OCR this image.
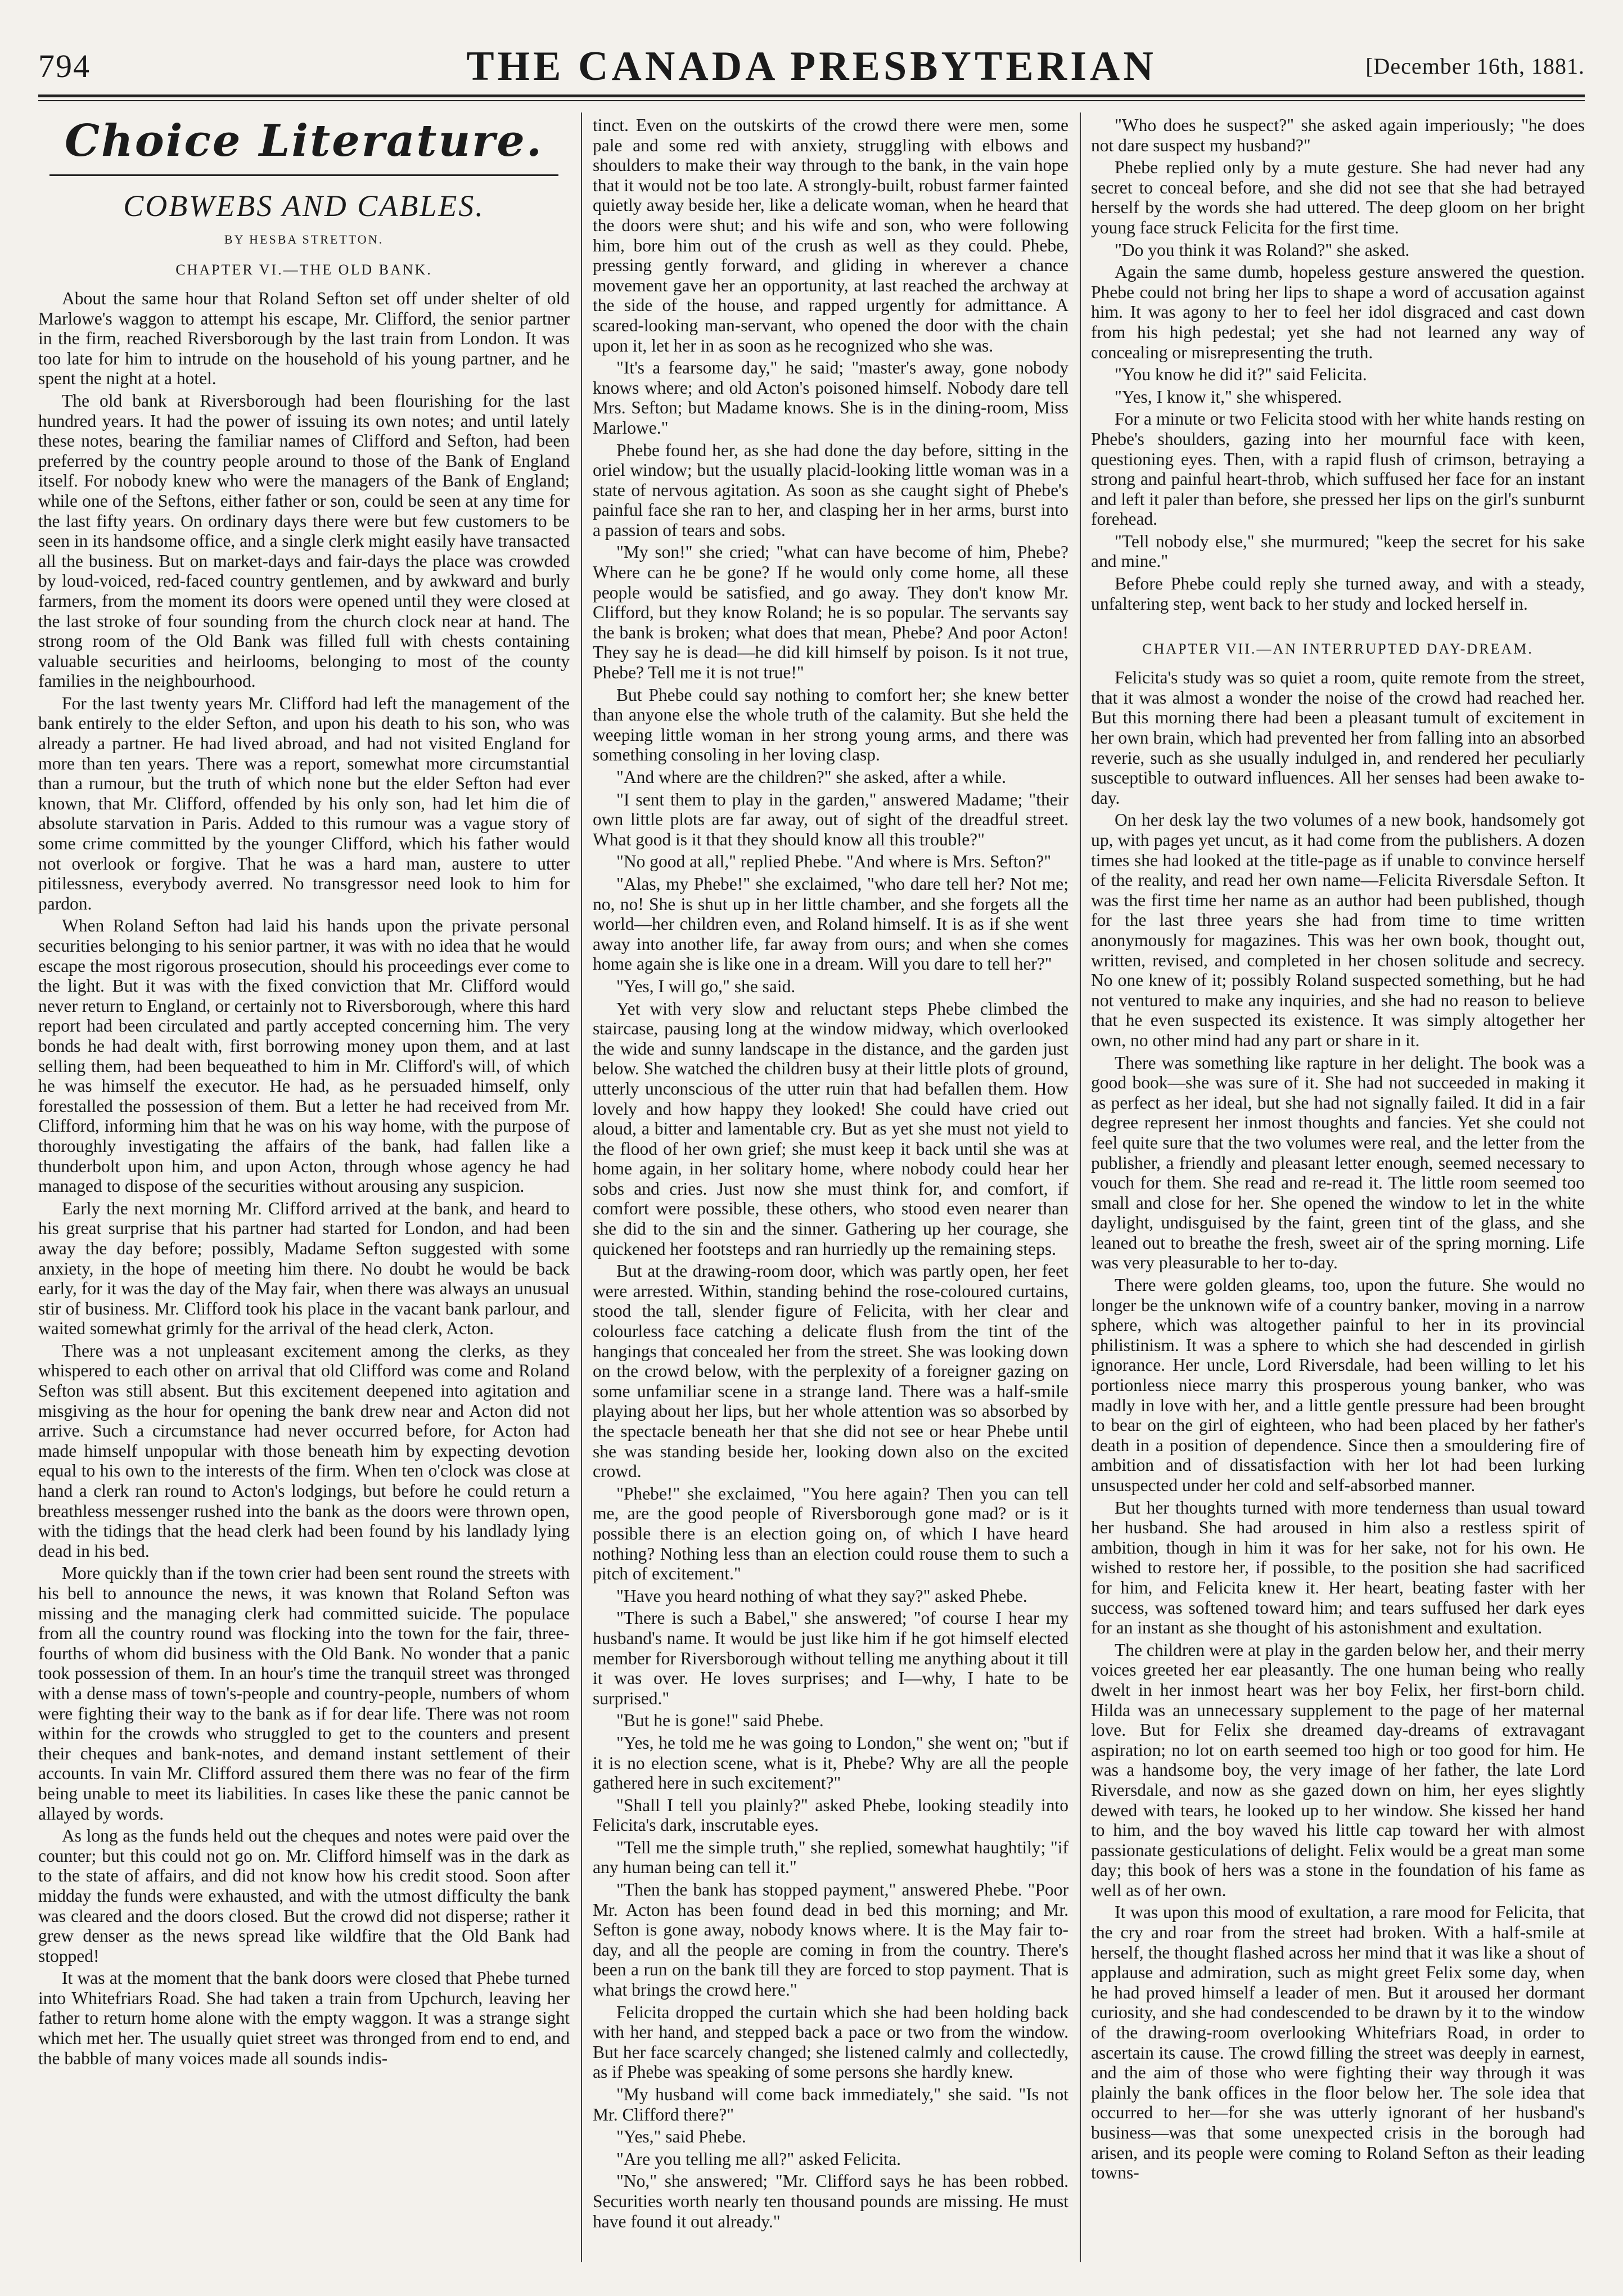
794	THE CANADA PRESBYTERIAN	[December 16th, 1881.
Choice Literature.
COBWEBS AND CABLES.
BY HESBA STRETTON.
CHAPTER VI.—THE OLD BANK.

About the same hour that Roland Sefton set off under shelter of old Marlowe's waggon to attempt his escape, Mr. Clifford, the senior partner in the firm, reached Riversborough by the last train from London. It was too late for him to intrude on the household of his young partner, and he spent the night at a hotel.

The old bank at Riversborough had been flourishing for the last hundred years. It had the power of issuing its own notes; and until lately these notes, bearing the familiar names of Clifford and Sefton, had been preferred by the country people around to those of the Bank of England itself. For nobody knew who were the managers of the Bank of England; while one of the Seftons, either father or son, could be seen at any time for the last fifty years. On ordinary days there were but few customers to be seen in its handsome office, and a single clerk might easily have transacted all the business. But on market-days and fair-days the place was crowded by loud-voiced, red-faced country gentlemen, and by awkward and burly farmers, from the moment its doors were opened until they were closed at the last stroke of four sounding from the church clock near at hand. The strong room of the Old Bank was filled full with chests containing valuable securities and heirlooms, belonging to most of the county families in the neighbourhood.

For the last twenty years Mr. Clifford had left the management of the bank entirely to the elder Sefton, and upon his death to his son, who was already a partner. He had lived abroad, and had not visited England for more than ten years. There was a report, somewhat more circumstantial than a rumour, but the truth of which none but the elder Sefton had ever known, that Mr. Clifford, offended by his only son, had let him die of absolute starvation in Paris. Added to this rumour was a vague story of some crime committed by the younger Clifford, which his father would not overlook or forgive. That he was a hard man, austere to utter pitilessness, everybody averred. No transgressor need look to him for pardon.

When Roland Sefton had laid his hands upon the private personal securities belonging to his senior partner, it was with no idea that he would escape the most rigorous prosecution, should his proceedings ever come to the light. But it was with the fixed conviction that Mr. Clifford would never return to England, or certainly not to Riversborough, where this hard report had been circulated and partly accepted concerning him. The very bonds he had dealt with, first borrowing money upon them, and at last selling them, had been bequeathed to him in Mr. Clifford's will, of which he was himself the executor. He had, as he persuaded himself, only forestalled the possession of them. But a letter he had received from Mr. Clifford, informing him that he was on his way home, with the purpose of thoroughly investigating the affairs of the bank, had fallen like a thunderbolt upon him, and upon Acton, through whose agency he had managed to dispose of the securities without arousing any suspicion.

Early the next morning Mr. Clifford arrived at the bank, and heard to his great surprise that his partner had started for London, and had been away the day before; possibly, Madame Sefton suggested with some anxiety, in the hope of meeting him there. No doubt he would be back early, for it was the day of the May fair, when there was always an unusual stir of business. Mr. Clifford took his place in the vacant bank parlour, and waited somewhat grimly for the arrival of the head clerk, Acton.

There was a not unpleasant excitement among the clerks, as they whispered to each other on arrival that old Clifford was come and Roland Sefton was still absent. But this excitement deepened into agitation and misgiving as the hour for opening the bank drew near and Acton did not arrive. Such a circumstance had never occurred before, for Acton had made himself unpopular with those beneath him by expecting devotion equal to his own to the interests of the firm. When ten o'clock was close at hand a clerk ran round to Acton's lodgings, but before he could return a breathless messenger rushed into the bank as the doors were thrown open, with the tidings that the head clerk had been found by his landlady lying dead in his bed.

More quickly than if the town crier had been sent round the streets with his bell to announce the news, it was known that Roland Sefton was missing and the managing clerk had committed suicide. The populace from all the country round was flocking into the town for the fair, three-fourths of whom did business with the Old Bank. No wonder that a panic took possession of them. In an hour's time the tranquil street was thronged with a dense mass of town's-people and country-people, numbers of whom were fighting their way to the bank as if for dear life. There was not room within for the crowds who struggled to get to the counters and present their cheques and bank-notes, and demand instant settlement of their accounts. In vain Mr. Clifford assured them there was no fear of the firm being unable to meet its liabilities. In cases like these the panic cannot be allayed by words.

As long as the funds held out the cheques and notes were paid over the counter; but this could not go on. Mr. Clifford himself was in the dark as to the state of affairs, and did not know how his credit stood. Soon after midday the funds were exhausted, and with the utmost difficulty the bank was cleared and the doors closed. But the crowd did not disperse; rather it grew denser as the news spread like wildfire that the Old Bank had stopped!

It was at the moment that the bank doors were closed that Phebe turned into Whitefriars Road. She had taken a train from Upchurch, leaving her father to return home alone with the empty waggon. It was a strange sight which met her. The usually quiet street was thronged from end to end, and the babble of many voices made all sounds indis-

tinct. Even on the outskirts of the crowd there were men, some pale and some red with anxiety, struggling with elbows and shoulders to make their way through to the bank, in the vain hope that it would not be too late. A strongly-built, robust farmer fainted quietly away beside her, like a delicate woman, when he heard that the doors were shut; and his wife and son, who were following him, bore him out of the crush as well as they could. Phebe, pressing gently forward, and gliding in wherever a chance movement gave her an opportunity, at last reached the archway at the side of the house, and rapped urgently for admittance. A scared-looking man-servant, who opened the door with the chain upon it, let her in as soon as he recognized who she was.

"It's a fearsome day," he said; "master's away, gone nobody knows where; and old Acton's poisoned himself. Nobody dare tell Mrs. Sefton; but Madame knows. She is in the dining-room, Miss Marlowe."

Phebe found her, as she had done the day before, sitting in the oriel window; but the usually placid-looking little woman was in a state of nervous agitation. As soon as she caught sight of Phebe's painful face she ran to her, and clasping her in her arms, burst into a passion of tears and sobs.

"My son!" she cried; "what can have become of him, Phebe? Where can he be gone? If he would only come home, all these people would be satisfied, and go away. They don't know Mr. Clifford, but they know Roland; he is so popular. The servants say the bank is broken; what does that mean, Phebe? And poor Acton! They say he is dead—he did kill himself by poison. Is it not true, Phebe? Tell me it is not true!"

But Phebe could say nothing to comfort her; she knew better than anyone else the whole truth of the calamity. But she held the weeping little woman in her strong young arms, and there was something consoling in her loving clasp.

"And where are the children?" she asked, after a while.

"I sent them to play in the garden," answered Madame; "their own little plots are far away, out of sight of the dreadful street. What good is it that they should know all this trouble?"

"No good at all," replied Phebe. "And where is Mrs. Sefton?"

"Alas, my Phebe!" she exclaimed, "who dare tell her? Not me; no, no! She is shut up in her little chamber, and she forgets all the world—her children even, and Roland himself. It is as if she went away into another life, far away from ours; and when she comes home again she is like one in a dream. Will you dare to tell her?"

"Yes, I will go," she said.

Yet with very slow and reluctant steps Phebe climbed the staircase, pausing long at the window midway, which overlooked the wide and sunny landscape in the distance, and the garden just below. She watched the children busy at their little plots of ground, utterly unconscious of the utter ruin that had befallen them. How lovely and how happy they looked! She could have cried out aloud, a bitter and lamentable cry. But as yet she must not yield to the flood of her own grief; she must keep it back until she was at home again, in her solitary home, where nobody could hear her sobs and cries. Just now she must think for, and comfort, if comfort were possible, these others, who stood even nearer than she did to the sin and the sinner. Gathering up her courage, she quickened her footsteps and ran hurriedly up the remaining steps.

But at the drawing-room door, which was partly open, her feet were arrested. Within, standing behind the rose-coloured curtains, stood the tall, slender figure of Felicita, with her clear and colourless face catching a delicate flush from the tint of the hangings that concealed her from the street. She was looking down on the crowd below, with the perplexity of a foreigner gazing on some unfamiliar scene in a strange land. There was a half-smile playing about her lips, but her whole attention was so absorbed by the spectacle beneath her that she did not see or hear Phebe until she was standing beside her, looking down also on the excited crowd.

"Phebe!" she exclaimed, "You here again? Then you can tell me, are the good people of Riversborough gone mad? or is it possible there is an election going on, of which I have heard nothing? Nothing less than an election could rouse them to such a pitch of excitement."

"Have you heard nothing of what they say?" asked Phebe.

"There is such a Babel," she answered; "of course I hear my husband's name. It would be just like him if he got himself elected member for Riversborough without telling me anything about it till it was over. He loves surprises; and I—why, I hate to be surprised."

"But he is gone!" said Phebe.

"Yes, he told me he was going to London," she went on; "but if it is no election scene, what is it, Phebe? Why are all the people gathered here in such excitement?"

"Shall I tell you plainly?" asked Phebe, looking steadily into Felicita's dark, inscrutable eyes.

"Tell me the simple truth," she replied, somewhat haughtily; "if any human being can tell it."

"Then the bank has stopped payment," answered Phebe. "Poor Mr. Acton has been found dead in bed this morning; and Mr. Sefton is gone away, nobody knows where. It is the May fair to-day, and all the people are coming in from the country. There's been a run on the bank till they are forced to stop payment. That is what brings the crowd here."

Felicita dropped the curtain which she had been holding back with her hand, and stepped back a pace or two from the window. But her face scarcely changed; she listened calmly and collectedly, as if Phebe was speaking of some persons she hardly knew.

"My husband will come back immediately," she said. "Is not Mr. Clifford there?"

"Yes," said Phebe.

"Are you telling me all?" asked Felicita.

"No," she answered; "Mr. Clifford says he has been robbed. Securities worth nearly ten thousand pounds are missing. He must have found it out already."

"Who does he suspect?" she asked again imperiously; "he does not dare suspect my husband?"

Phebe replied only by a mute gesture. She had never had any secret to conceal before, and she did not see that she had betrayed herself by the words she had uttered. The deep gloom on her bright young face struck Felicita for the first time.

"Do you think it was Roland?" she asked.

Again the same dumb, hopeless gesture answered the question. Phebe could not bring her lips to shape a word of accusation against him. It was agony to her to feel her idol disgraced and cast down from his high pedestal; yet she had not learned any way of concealing or misrepresenting the truth.

"You know he did it?" said Felicita.

"Yes, I know it," she whispered.

For a minute or two Felicita stood with her white hands resting on Phebe's shoulders, gazing into her mournful face with keen, questioning eyes. Then, with a rapid flush of crimson, betraying a strong and painful heart-throb, which suffused her face for an instant and left it paler than before, she pressed her lips on the girl's sunburnt forehead.

"Tell nobody else," she murmured; "keep the secret for his sake and mine."

Before Phebe could reply she turned away, and with a steady, unfaltering step, went back to her study and locked herself in.

CHAPTER VII.—AN INTERRUPTED DAY-DREAM.

Felicita's study was so quiet a room, quite remote from the street, that it was almost a wonder the noise of the crowd had reached her. But this morning there had been a pleasant tumult of excitement in her own brain, which had prevented her from falling into an absorbed reverie, such as she usually indulged in, and rendered her peculiarly susceptible to outward influences. All her senses had been awake to-day.

On her desk lay the two volumes of a new book, handsomely got up, with pages yet uncut, as it had come from the publishers. A dozen times she had looked at the title-page as if unable to convince herself of the reality, and read her own name—Felicita Riversdale Sefton. It was the first time her name as an author had been published, though for the last three years she had from time to time written anonymously for magazines. This was her own book, thought out, written, revised, and completed in her chosen solitude and secrecy. No one knew of it; possibly Roland suspected something, but he had not ventured to make any inquiries, and she had no reason to believe that he even suspected its existence. It was simply altogether her own, no other mind had any part or share in it.

There was something like rapture in her delight. The book was a good book—she was sure of it. She had not succeeded in making it as perfect as her ideal, but she had not signally failed. It did in a fair degree represent her inmost thoughts and fancies. Yet she could not feel quite sure that the two volumes were real, and the letter from the publisher, a friendly and pleasant letter enough, seemed necessary to vouch for them. She read and re-read it. The little room seemed too small and close for her. She opened the window to let in the white daylight, undisguised by the faint, green tint of the glass, and she leaned out to breathe the fresh, sweet air of the spring morning. Life was very pleasurable to her to-day.

There were golden gleams, too, upon the future. She would no longer be the unknown wife of a country banker, moving in a narrow sphere, which was altogether painful to her in its provincial philistinism. It was a sphere to which she had descended in girlish ignorance. Her uncle, Lord Riversdale, had been willing to let his portionless niece marry this prosperous young banker, who was madly in love with her, and a little gentle pressure had been brought to bear on the girl of eighteen, who had been placed by her father's death in a position of dependence. Since then a smouldering fire of ambition and of dissatisfaction with her lot had been lurking unsuspected under her cold and self-absorbed manner.

But her thoughts turned with more tenderness than usual toward her husband. She had aroused in him also a restless spirit of ambition, though in him it was for her sake, not for his own. He wished to restore her, if possible, to the position she had sacrificed for him, and Felicita knew it. Her heart, beating faster with her success, was softened toward him; and tears suffused her dark eyes for an instant as she thought of his astonishment and exultation.

The children were at play in the garden below her, and their merry voices greeted her ear pleasantly. The one human being who really dwelt in her inmost heart was her boy Felix, her first-born child. Hilda was an unnecessary supplement to the page of her maternal love. But for Felix she dreamed day-dreams of extravagant aspiration; no lot on earth seemed too high or too good for him. He was a handsome boy, the very image of her father, the late Lord Riversdale, and now as she gazed down on him, her eyes slightly dewed with tears, he looked up to her window. She kissed her hand to him, and the boy waved his little cap toward her with almost passionate gesticulations of delight. Felix would be a great man some day; this book of hers was a stone in the foundation of his fame as well as of her own.

It was upon this mood of exultation, a rare mood for Felicita, that the cry and roar from the street had broken. With a half-smile at herself, the thought flashed across her mind that it was like a shout of applause and admiration, such as might greet Felix some day, when he had proved himself a leader of men. But it aroused her dormant curiosity, and she had condescended to be drawn by it to the window of the drawing-room overlooking Whitefriars Road, in order to ascertain its cause. The crowd filling the street was deeply in earnest, and the aim of those who were fighting their way through it was plainly the bank offices in the floor below her. The sole idea that occurred to her—for she was utterly ignorant of her husband's business—was that some unexpected crisis in the borough had arisen, and its people were coming to Roland Sefton as their leading towns-
